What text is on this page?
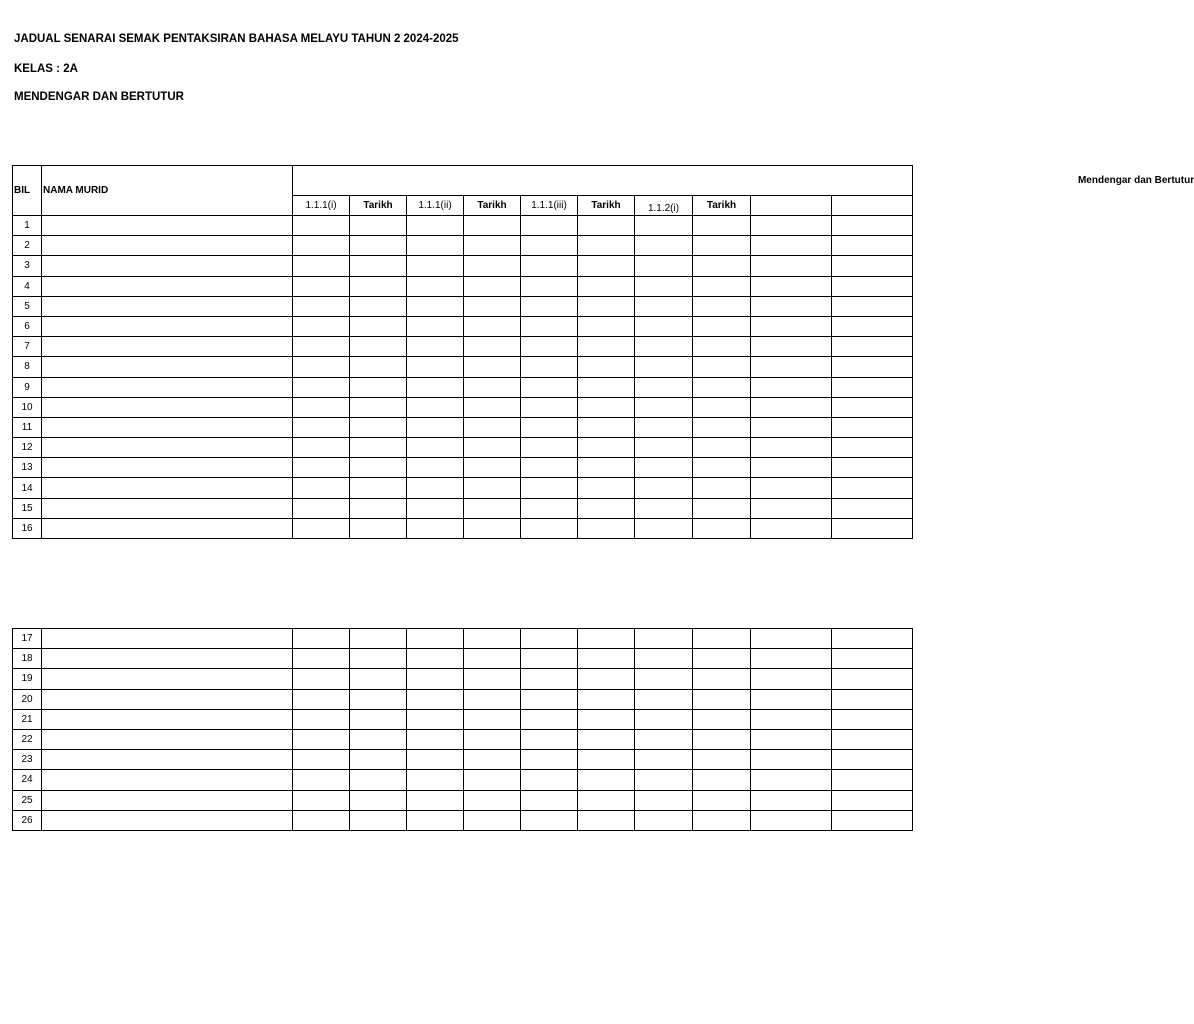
JADUAL SENARAI SEMAK PENTAKSIRAN BAHASA MELAYU TAHUN 2 2024-2025
KELAS : 2A
MENDENGAR DAN BERTUTUR
BIL	NAMA MURID	Mendengar dan Bertutur									
		1.1.1(i)	Tarikh	1.1.1(ii)	Tarikh	1.1.1(iii)	Tarikh	1.1.2(i)	Tarikh		
1											
2											
3											
4											
5											
6											
7											
8											
9											
10											
11											
12											
13											
14											
15											
16											
17											
18											
19											
20											
21											
22											
23											
24											
25											
26											
